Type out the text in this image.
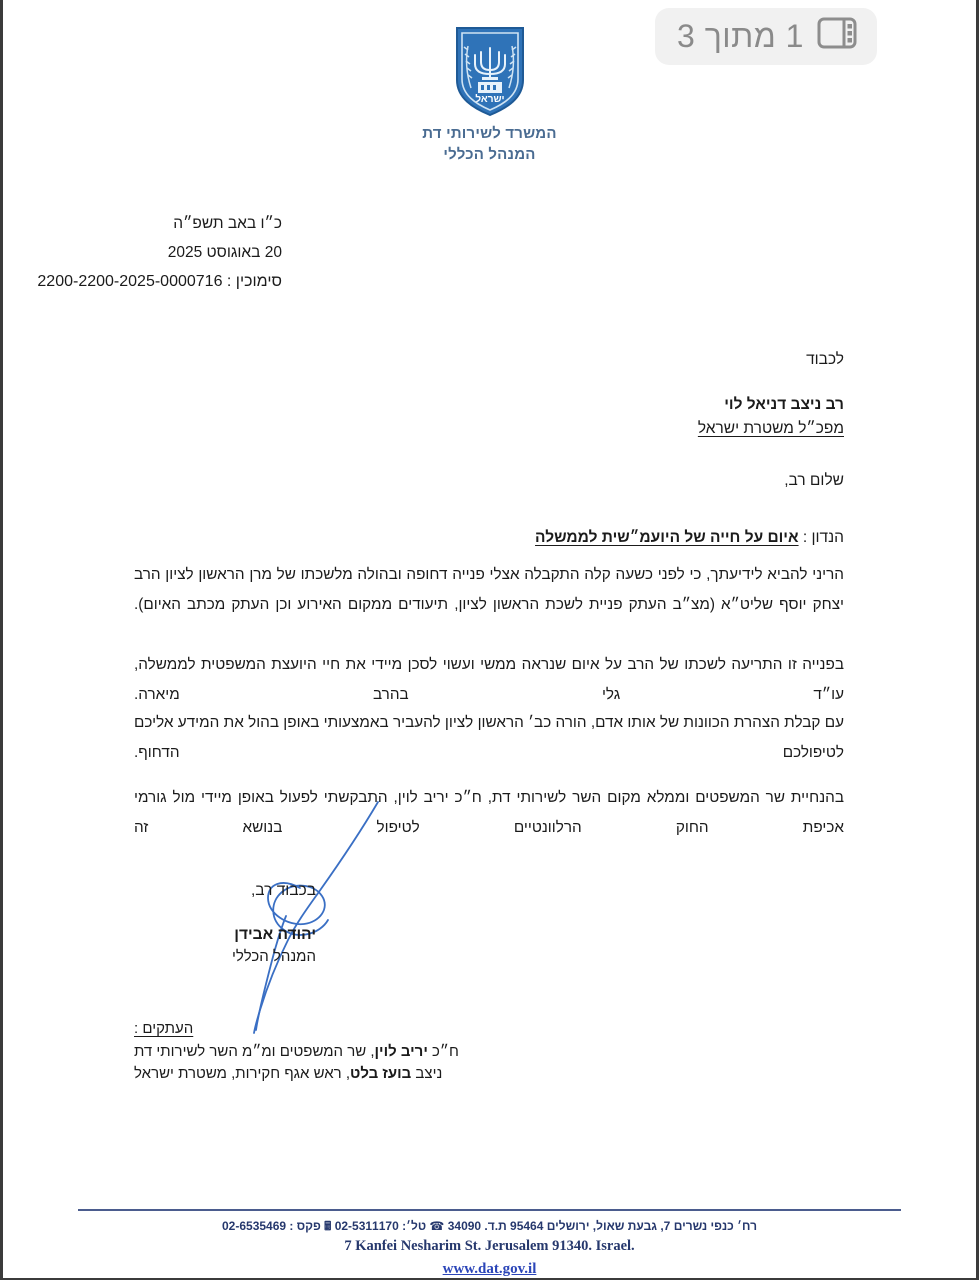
1 מתוך 3
ישראל
המשרד לשירותי דת
המנהל הכללי
כ״ו באב תשפ״ה
20 באוגוסט 2025
סימוכין : 2200-2200-2025-0000716
לכבוד
רב ניצב דניאל לוי
מפכ״ל משטרת ישראל
שלום רב,
הנדון : איום על חייה של היועמ״שית לממשלה
הריני להביא לידיעתך, כי לפני כשעה קלה התקבלה אצלי פנייה דחופה ובהולה מלשכתו של מרן הראשון לציון הרב יצחק יוסף שליט״א (מצ״ב העתק פניית לשכת הראשון לציון, תיעודים ממקום האירוע וכן העתק מכתב האיום).
בפנייה זו התריעה לשכתו של הרב על איום שנראה ממשי ועשוי לסכן מיידי את חיי היועצת המשפטית לממשלה, עו״ד גלי בהרב מיארה.
עם קבלת הצהרת הכוונות של אותו אדם, הורה כב׳ הראשון לציון להעביר באמצעותי באופן בהול את המידע אליכם לטיפולכם הדחוף.
בהנחיית שר המשפטים וממלא מקום השר לשירותי דת, ח״כ יריב לוין, התבקשתי לפעול באופן מיידי מול גורמי אכיפת החוק הרלוונטיים לטיפול בנושא זה
בכבוד רב,
יהודה אבידן
המנהל הכללי
העתקים :
ח״כ יריב לוין, שר המשפטים ומ״מ השר לשירותי דת
ניצב בועז בלט, ראש אגף חקירות, משטרת ישראל
רח׳ כנפי נשרים 7, גבעת שאול, ירושלים 95464 ת.ד. 34090 ☎ טל׳: 02-5311170 🖩 פקס : 02-6535469
7 Kanfei Nesharim St. Jerusalem 91340. Israel.
www.dat.gov.il
